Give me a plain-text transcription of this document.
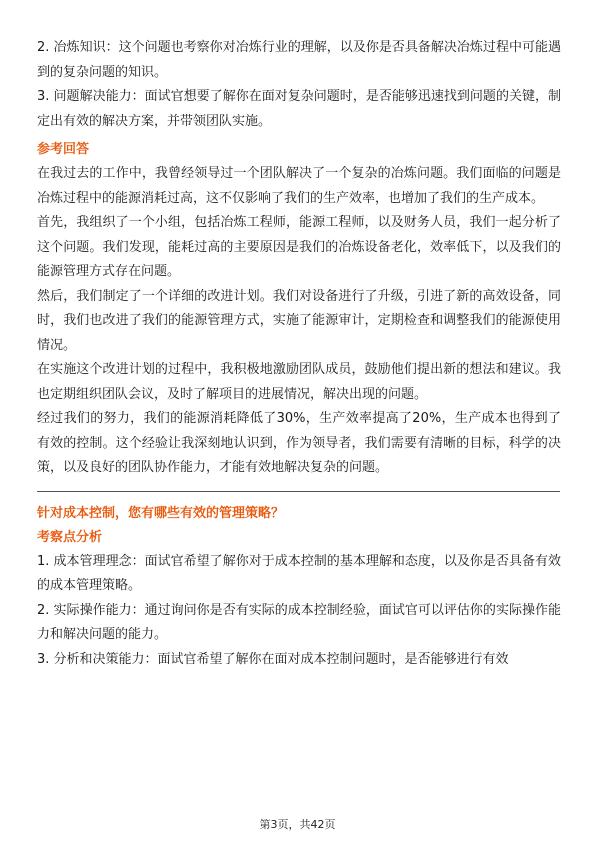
2. 冶炼知识：这个问题也考察你对冶炼行业的理解，以及你是否具备解决冶炼过程中可能遇到的复杂问题的知识。

3. 问题解决能力：面试官想要了解你在面对复杂问题时，是否能够迅速找到问题的关键，制定出有效的解决方案，并带领团队实施。

参考回答

在我过去的工作中，我曾经领导过一个团队解决了一个复杂的冶炼问题。我们面临的问题是冶炼过程中的能源消耗过高，这不仅影响了我们的生产效率，也增加了我们的生产成本。

首先，我组织了一个小组，包括冶炼工程师，能源工程师，以及财务人员，我们一起分析了这个问题。我们发现，能耗过高的主要原因是我们的冶炼设备老化，效率低下，以及我们的能源管理方式存在问题。

然后，我们制定了一个详细的改进计划。我们对设备进行了升级，引进了新的高效设备，同时，我们也改进了我们的能源管理方式，实施了能源审计，定期检查和调整我们的能源使用情况。

在实施这个改进计划的过程中，我积极地激励团队成员，鼓励他们提出新的想法和建议。我也定期组织团队会议，及时了解项目的进展情况，解决出现的问题。

经过我们的努力，我们的能源消耗降低了30%，生产效率提高了20%，生产成本也得到了有效的控制。这个经验让我深刻地认识到，作为领导者，我们需要有清晰的目标，科学的决策，以及良好的团队协作能力，才能有效地解决复杂的问题。

针对成本控制，您有哪些有效的管理策略？

考察点分析

1. 成本管理理念：面试官希望了解你对于成本控制的基本理解和态度，以及你是否具备有效的成本管理策略。

2. 实际操作能力：通过询问你是否有实际的成本控制经验，面试官可以评估你的实际操作能力和解决问题的能力。

3. 分析和决策能力：面试官希望了解你在面对成本控制问题时，是否能够进行有效

第3页，共42页
